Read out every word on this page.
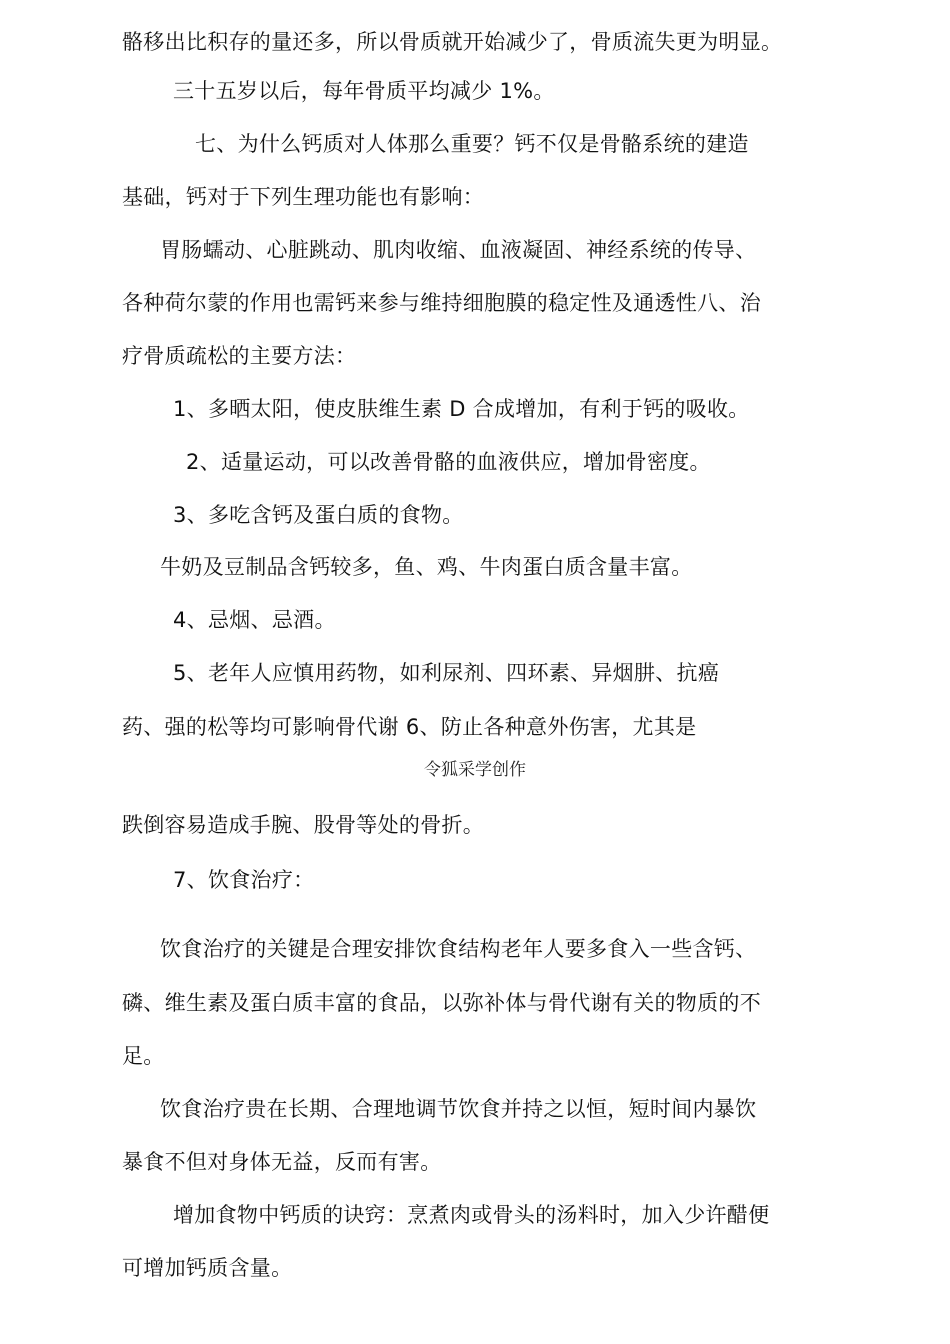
骼移出比积存的量还多，所以骨质就开始减少了，骨质流失更为明显。
三十五岁以后，每年骨质平均减少 1%。
七、为什么钙质对人体那么重要？钙不仅是骨骼系统的建造
基础，钙对于下列生理功能也有影响：
胃肠蠕动、心脏跳动、肌肉收缩、血液凝固、神经系统的传导、
各种荷尔蒙的作用也需钙来参与维持细胞膜的稳定性及通透性八、治
疗骨质疏松的主要方法：
1、多晒太阳，使皮肤维生素 D 合成增加，有利于钙的吸收。
2、适量运动，可以改善骨骼的血液供应，增加骨密度。
3、多吃含钙及蛋白质的食物。
牛奶及豆制品含钙较多，鱼、鸡、牛肉蛋白质含量丰富。
4、忌烟、忌酒。
5、老年人应慎用药物，如利尿剂、四环素、异烟肼、抗癌
药、强的松等均可影响骨代谢 6、防止各种意外伤害，尤其是
令狐采学创作
跌倒容易造成手腕、股骨等处的骨折。
7、饮食治疗：
饮食治疗的关键是合理安排饮食结构老年人要多食入一些含钙、
磷、维生素及蛋白质丰富的食品，以弥补体与骨代谢有关的物质的不
足。
饮食治疗贵在长期、合理地调节饮食并持之以恒，短时间内暴饮
暴食不但对身体无益，反而有害。
增加食物中钙质的诀窍：烹煮肉或骨头的汤料时，加入少许醋便
可增加钙质含量。
